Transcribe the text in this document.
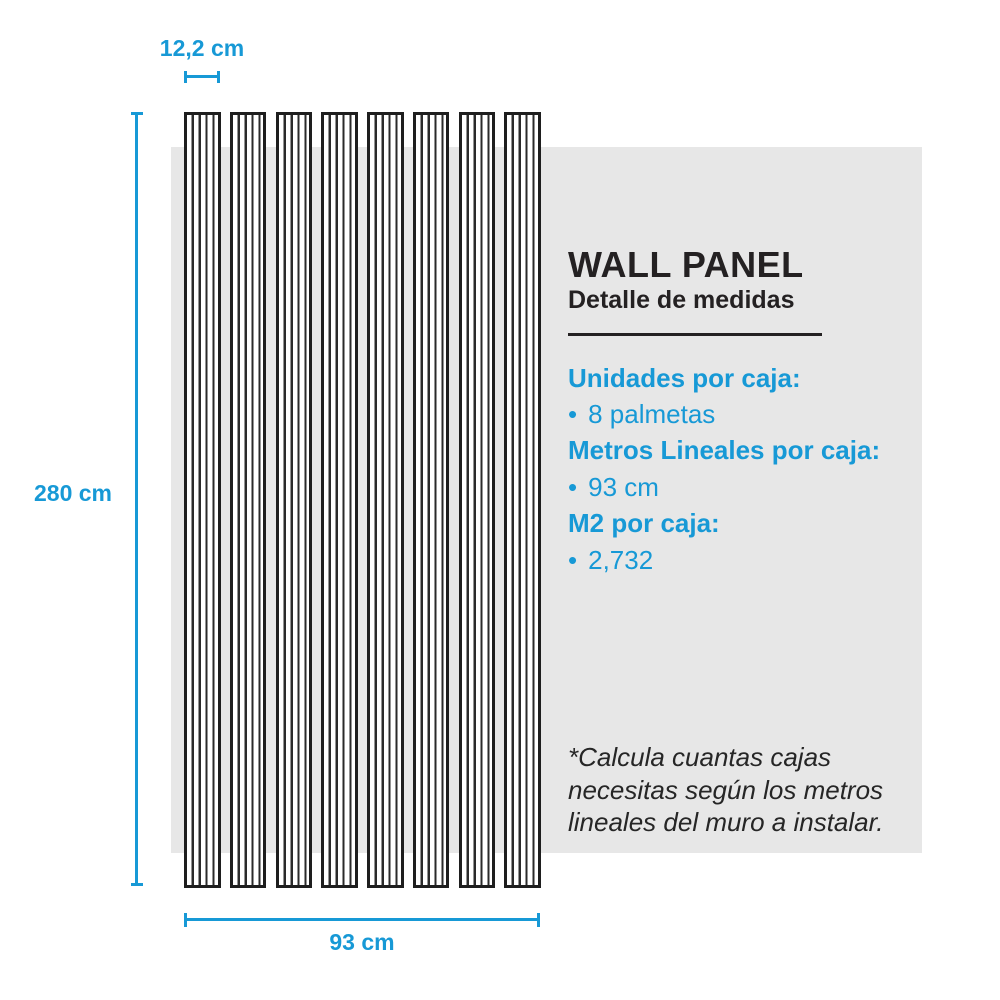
12,2 cm
280 cm
93 cm
WALL PANEL
Detalle de medidas
Unidades por caja:
• 8 palmetas
Metros Lineales por caja:
• 93 cm
M2 por caja:
• 2,732
*Calcula cuantas cajas
necesitas según los metros
lineales del muro a instalar.
